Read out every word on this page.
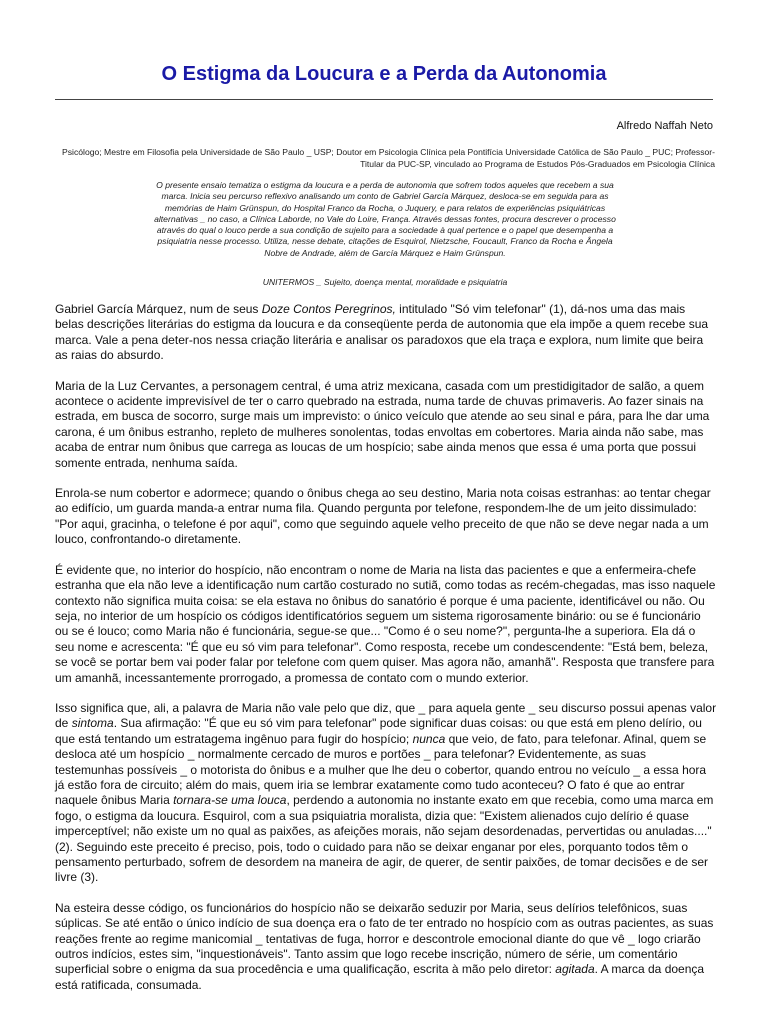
O Estigma da Loucura e a Perda da Autonomia
Alfredo Naffah Neto
Psicólogo; Mestre em Filosofia pela Universidade de São Paulo _ USP; Doutor em Psicologia Clínica pela Pontifícia Universidade Católica de São Paulo _ PUC; Professor-Titular da PUC-SP, vinculado ao Programa de Estudos Pós-Graduados em Psicologia Clínica
O presente ensaio tematiza o estigma da loucura e a perda de autonomia que sofrem todos aqueles que recebem a sua marca. Inicia seu percurso reflexivo analisando um conto de Gabriel García Márquez, desloca-se em seguida para as memórias de Haim Grünspun, do Hospital Franco da Rocha, o Juquery, e para relatos de experiências psiquiátricas alternativas _ no caso, a Clínica Laborde, no Vale do Loire, França. Através dessas fontes, procura descrever o processo através do qual o louco perde a sua condição de sujeito para a sociedade à qual pertence e o papel que desempenha a psiquiatria nesse processo. Utiliza, nesse debate, citações de Esquirol, Nietzsche, Foucault, Franco da Rocha e Ângela Nobre de Andrade, além de García Márquez e Haim Grünspun.
UNITERMOS _ Sujeito, doença mental, moralidade e psiquiatria

Gabriel García Márquez, num de seus Doze Contos Peregrinos, intitulado "Só vim telefonar" (1), dá-nos uma das mais belas descrições literárias do estigma da loucura e da conseqüente perda de autonomia que ela impõe a quem recebe sua marca. Vale a pena deter-nos nessa criação literária e analisar os paradoxos que ela traça e explora, num limite que beira as raias do absurdo.

Maria de la Luz Cervantes, a personagem central, é uma atriz mexicana, casada com um prestidigitador de salão, a quem acontece o acidente imprevisível de ter o carro quebrado na estrada, numa tarde de chuvas primaveris. Ao fazer sinais na estrada, em busca de socorro, surge mais um imprevisto: o único veículo que atende ao seu sinal e pára, para lhe dar uma carona, é um ônibus estranho, repleto de mulheres sonolentas, todas envoltas em cobertores. Maria ainda não sabe, mas acaba de entrar num ônibus que carrega as loucas de um hospício; sabe ainda menos que essa é uma porta que possui somente entrada, nenhuma saída.

Enrola-se num cobertor e adormece; quando o ônibus chega ao seu destino, Maria nota coisas estranhas: ao tentar chegar ao edifício, um guarda manda-a entrar numa fila. Quando pergunta por telefone, respondem-lhe de um jeito dissimulado: "Por aqui, gracinha, o telefone é por aqui", como que seguindo aquele velho preceito de que não se deve negar nada a um louco, confrontando-o diretamente.

É evidente que, no interior do hospício, não encontram o nome de Maria na lista das pacientes e que a enfermeira-chefe estranha que ela não leve a identificação num cartão costurado no sutiã, como todas as recém-chegadas, mas isso naquele contexto não significa muita coisa: se ela estava no ônibus do sanatório é porque é uma paciente, identificável ou não. Ou seja, no interior de um hospício os códigos identificatórios seguem um sistema rigorosamente binário: ou se é funcionário ou se é louco; como Maria não é funcionária, segue-se que... "Como é o seu nome?", pergunta-lhe a superiora. Ela dá o seu nome e acrescenta: "É que eu só vim para telefonar". Como resposta, recebe um condescendente: "Está bem, beleza, se você se portar bem vai poder falar por telefone com quem quiser. Mas agora não, amanhã". Resposta que transfere para um amanhã, incessantemente prorrogado, a promessa de contato com o mundo exterior.

Isso significa que, ali, a palavra de Maria não vale pelo que diz, que _ para aquela gente _ seu discurso possui apenas valor de sintoma. Sua afirmação: "É que eu só vim para telefonar" pode significar duas coisas: ou que está em pleno delírio, ou que está tentando um estratagema ingênuo para fugir do hospício; nunca que veio, de fato, para telefonar. Afinal, quem se desloca até um hospício _ normalmente cercado de muros e portões _ para telefonar? Evidentemente, as suas testemunhas possíveis _ o motorista do ônibus e a mulher que lhe deu o cobertor, quando entrou no veículo _ a essa hora já estão fora de circuito; além do mais, quem iria se lembrar exatamente como tudo aconteceu? O fato é que ao entrar naquele ônibus Maria tornara-se uma louca, perdendo a autonomia no instante exato em que recebia, como uma marca em fogo, o estigma da loucura. Esquirol, com a sua psiquiatria moralista, dizia que: "Existem alienados cujo delírio é quase imperceptível; não existe um no qual as paixões, as afeições morais, não sejam desordenadas, pervertidas ou anuladas...." (2). Seguindo este preceito é preciso, pois, todo o cuidado para não se deixar enganar por eles, porquanto todos têm o pensamento perturbado, sofrem de desordem na maneira de agir, de querer, de sentir paixões, de tomar decisões e de ser livre (3).

Na esteira desse código, os funcionários do hospício não se deixarão seduzir por Maria, seus delírios telefônicos, suas súplicas. Se até então o único indício de sua doença era o fato de ter entrado no hospício com as outras pacientes, as suas reações frente ao regime manicomial _ tentativas de fuga, horror e descontrole emocional diante do que vê _ logo criarão outros indícios, estes sim, "inquestionáveis". Tanto assim que logo recebe inscrição, número de série, um comentário superficial sobre o enigma da sua procedência e uma qualificação, escrita à mão pelo diretor: agitada. A marca da doença está ratificada, consumada.
